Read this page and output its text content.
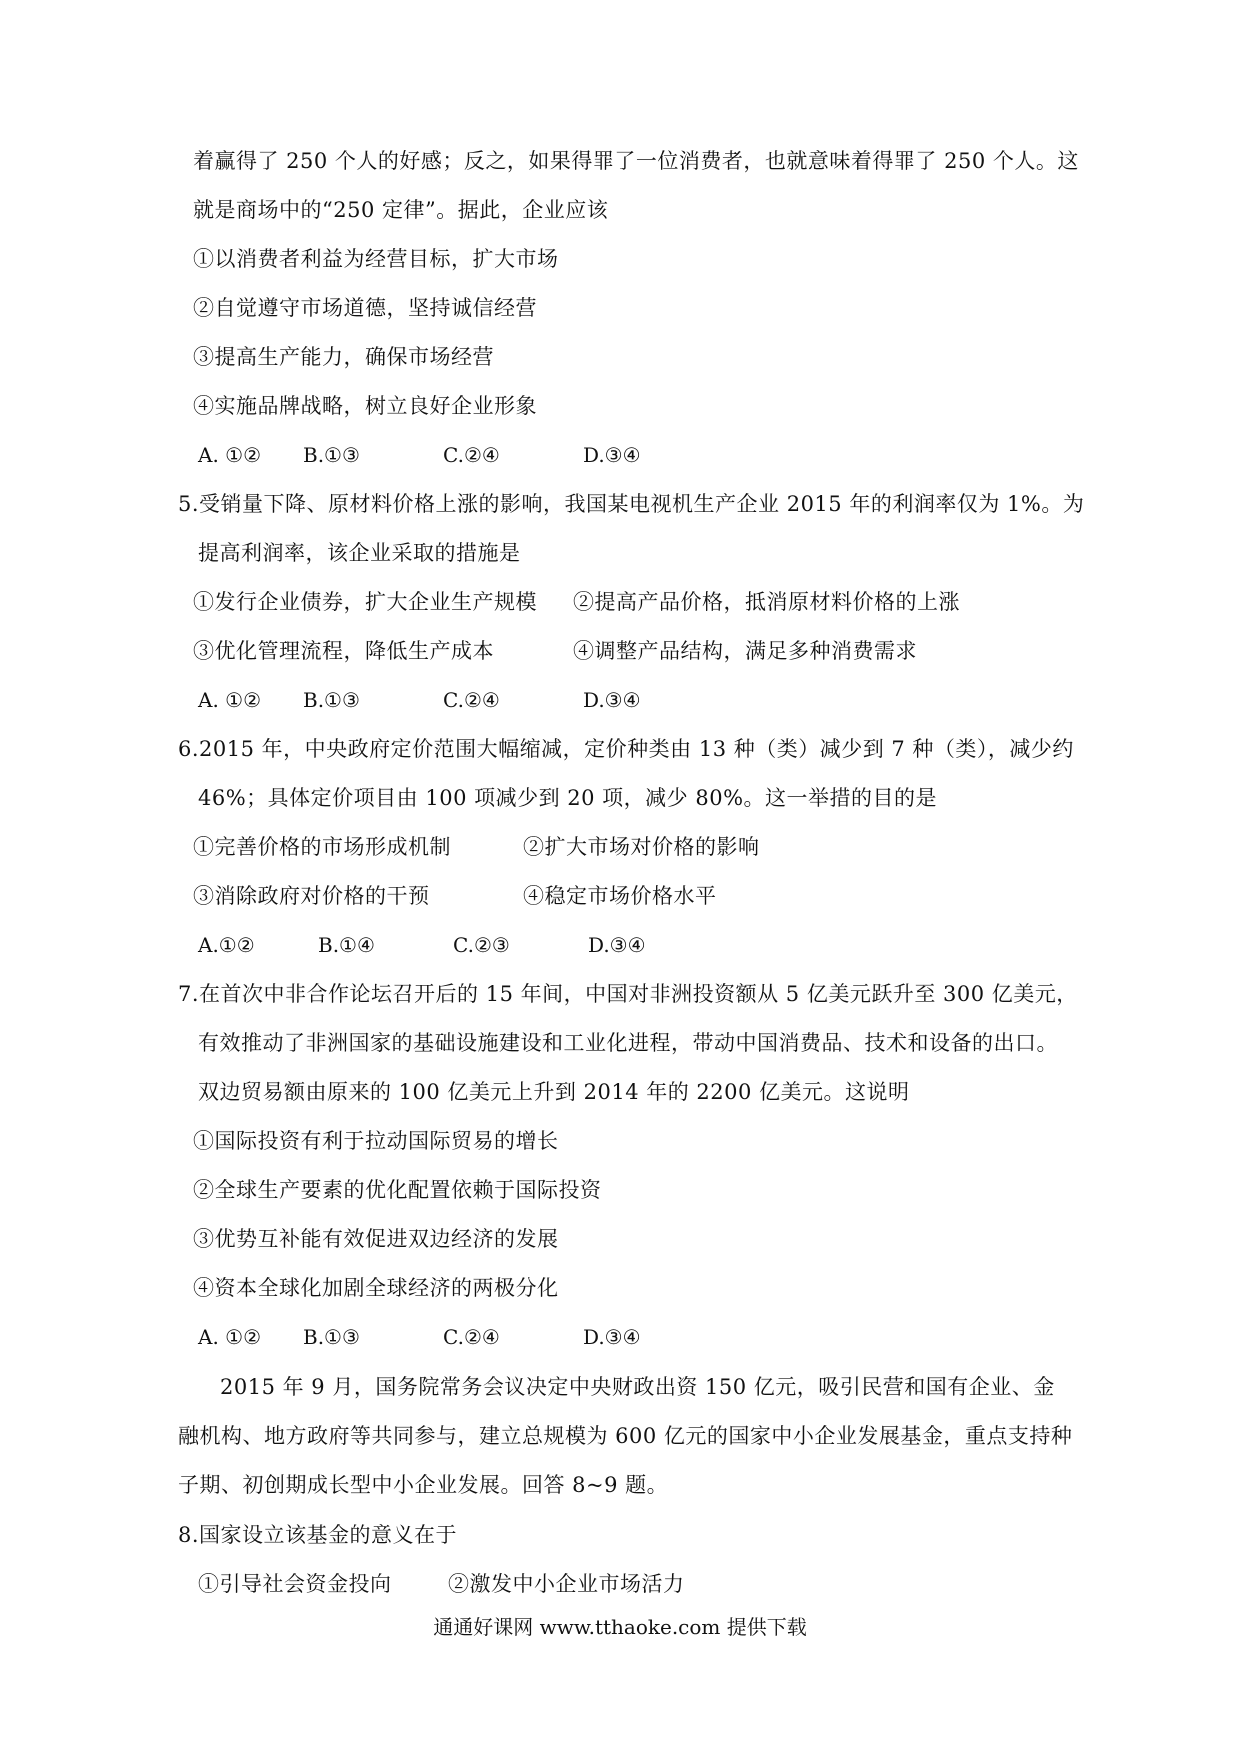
着赢得了 250 个人的好感；反之，如果得罪了一位消费者，也就意味着得罪了 250 个人。这
就是商场中的“250 定律”。据此，企业应该
①以消费者利益为经营目标，扩大市场
②自觉遵守市场道德，坚持诚信经营
③提高生产能力，确保市场经营
④实施品牌战略，树立良好企业形象
A. ①② B.①③	C.②④	D.③④
5.受销量下降、原材料价格上涨的影响，我国某电视机生产企业 2015 年的利润率仅为 1%。为
提高利润率，该企业采取的措施是
①发行企业债券，扩大企业生产规模 ②提高产品价格，抵消原材料价格的上涨
③优化管理流程，降低生产成本	④调整产品结构，满足多种消费需求
A. ①② B.①③	C.②④	D.③④
6.2015 年，中央政府定价范围大幅缩减，定价种类由 13 种（类）减少到 7 种（类），减少约
46%；具体定价项目由 100 项减少到 20 项，减少 80%。这一举措的目的是
①完善价格的市场形成机制	②扩大市场对价格的影响
③消除政府对价格的干预	④稳定市场价格水平
A.①②	B.①④	C.②③	D.③④
7.在首次中非合作论坛召开后的 15 年间，中国对非洲投资额从 5 亿美元跃升至 300 亿美元，
有效推动了非洲国家的基础设施建设和工业化进程，带动中国消费品、技术和设备的出口。
双边贸易额由原来的 100 亿美元上升到 2014 年的 2200 亿美元。这说明
①国际投资有利于拉动国际贸易的增长
②全球生产要素的优化配置依赖于国际投资
③优势互补能有效促进双边经济的发展
④资本全球化加剧全球经济的两极分化
A. ①② B.①③	C.②④	D.③④
2015 年 9 月，国务院常务会议决定中央财政出资 150 亿元，吸引民营和国有企业、金融机构、地方政府等共同参与，建立总规模为 600 亿元的国家中小企业发展基金，重点支持种子期、初创期成长型中小企业发展。回答 8~9 题。
8.国家设立该基金的意义在于
①引导社会资金投向	②激发中小企业市场活力
通通好课网 www.tthaoke.com 提供下载
